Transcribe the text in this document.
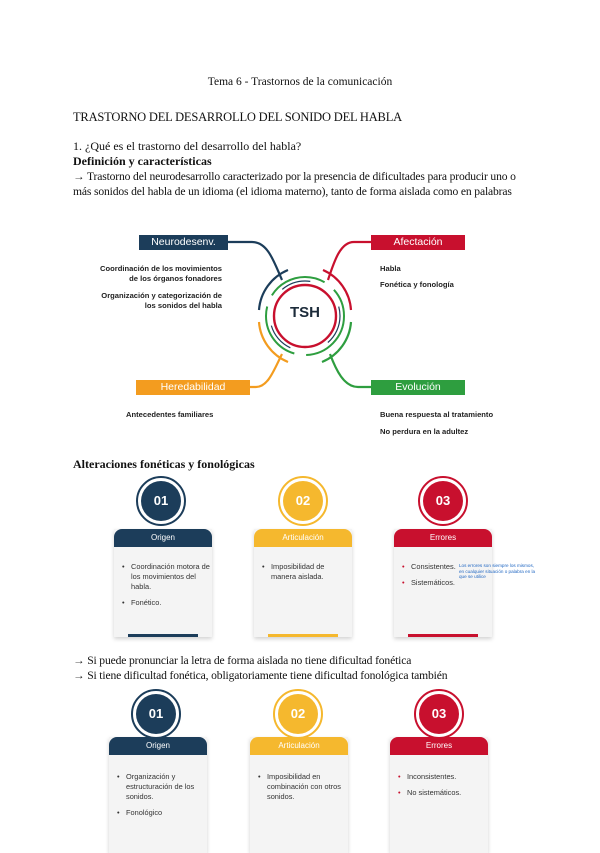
Tema 6 - Trastornos de la comunicación
TRASTORNO DEL DESARROLLO DEL SONIDO DEL HABLA
1. ¿Qué es el trastorno del desarrollo del habla?
Definición y características
→ Trastorno del neurodesarrollo caracterizado por la presencia de dificultades para producir uno o más sonidos del habla de un idioma (el idioma materno), tanto de forma aislada como en palabras
TSH
Neurodesenv.
Coordinación de los movimientos de los órganos fonadores
Organización y categorización de los sonidos del habla
Afectación
Habla
Fonética y fonología
Heredabilidad
Antecedentes familiares
Evolución
Buena respuesta al tratamiento
No perdura en la adultez
Alteraciones fonéticas y fonológicas
01
Origen
• Coordinación motora de los movimientos del habla.
• Fonético.
02
Articulación
• Imposibilidad de manera aislada.
03
Errores
• Consistentes.
• Sistemáticos.
Los errores son siempre los mismos, en cualquier situación o palabra en la que se utilice
→ Si puede pronunciar la letra de forma aislada no tiene dificultad fonética
→ Si tiene dificultad fonética, obligatoriamente tiene dificultad fonológica también
01
Origen
• Organización y estructuración de los sonidos.
• Fonológico
02
Articulación
• Imposibilidad en combinación con otros sonidos.
03
Errores
• Inconsistentes.
• No sistemáticos.
